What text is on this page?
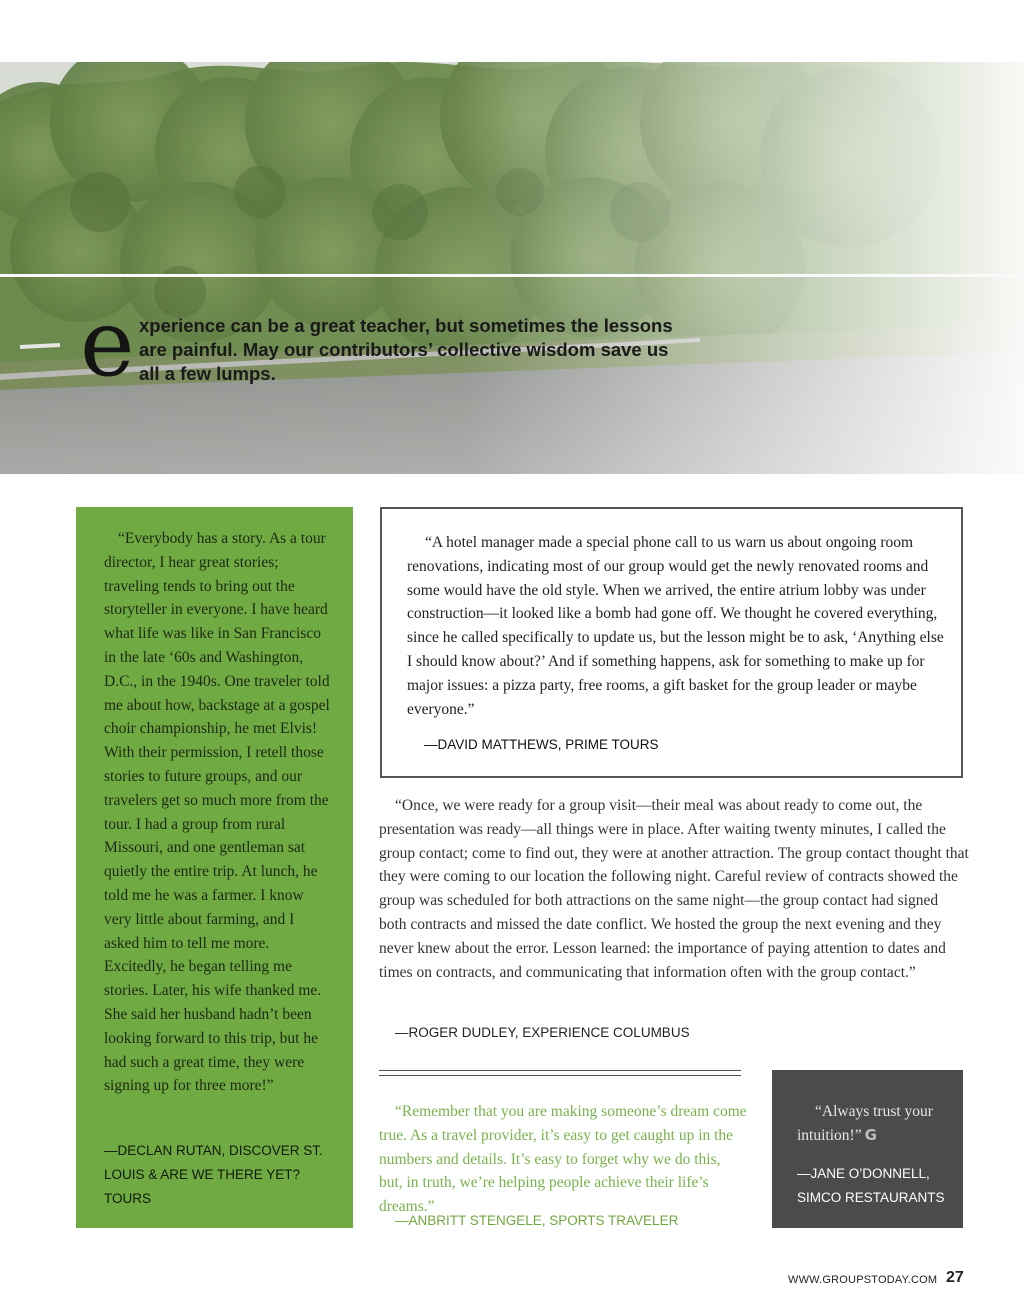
e xperience can be a great teacher, but sometimes the lessons are painful. May our contributors’ collective wisdom save us all a few lumps.

“Everybody has a story. As a tour director, I hear great stories; traveling tends to bring out the storyteller in everyone. I have heard what life was like in San Francisco in the late ‘60s and Washington, D.C., in the 1940s. One traveler told me about how, backstage at a gospel choir championship, he met Elvis! With their permission, I retell those stories to future groups, and our travelers get so much more from the tour. I had a group from rural Missouri, and one gentleman sat quietly the entire trip. At lunch, he told me he was a farmer. I know very little about farming, and I asked him to tell me more. Excitedly, he began telling me stories. Later, his wife thanked me. She said her husband hadn’t been looking forward to this trip, but he had such a great time, they were signing up for three more!”

—DECLAN RUTAN, DISCOVER ST. LOUIS & ARE WE THERE YET? TOURS

“A hotel manager made a special phone call to us warn us about ongoing room renovations, indicating most of our group would get the newly renovated rooms and some would have the old style. When we arrived, the entire atrium lobby was under construction—it looked like a bomb had gone off. We thought he covered everything, since he called specifically to update us, but the lesson might be to ask, ‘Anything else I should know about?’ And if something happens, ask for something to make up for major issues: a pizza party, free rooms, a gift basket for the group leader or maybe everyone.”

—DAVID MATTHEWS, PRIME TOURS

“Once, we were ready for a group visit—their meal was about ready to come out, the presentation was ready—all things were in place. After waiting twenty minutes, I called the group contact; come to find out, they were at another attraction. The group contact thought that they were coming to our location the following night. Careful review of contracts showed the group was scheduled for both attractions on the same night—the group contact had signed both contracts and missed the date conflict. We hosted the group the next evening and they never knew about the error. Lesson learned: the importance of paying attention to dates and times on contracts, and communicating that information often with the group contact.”

—ROGER DUDLEY, EXPERIENCE COLUMBUS

“Remember that you are making someone’s dream come true. As a travel provider, it’s easy to get caught up in the numbers and details. It’s easy to forget why we do this, but, in truth, we’re helping people achieve their life’s dreams.”

—ANBRITT STENGELE, SPORTS TRAVELER

“Always trust your intuition!” G

—JANE O’DONNELL, SIMCO RESTAURANTS

WWW.GROUPSTODAY.COM 27
